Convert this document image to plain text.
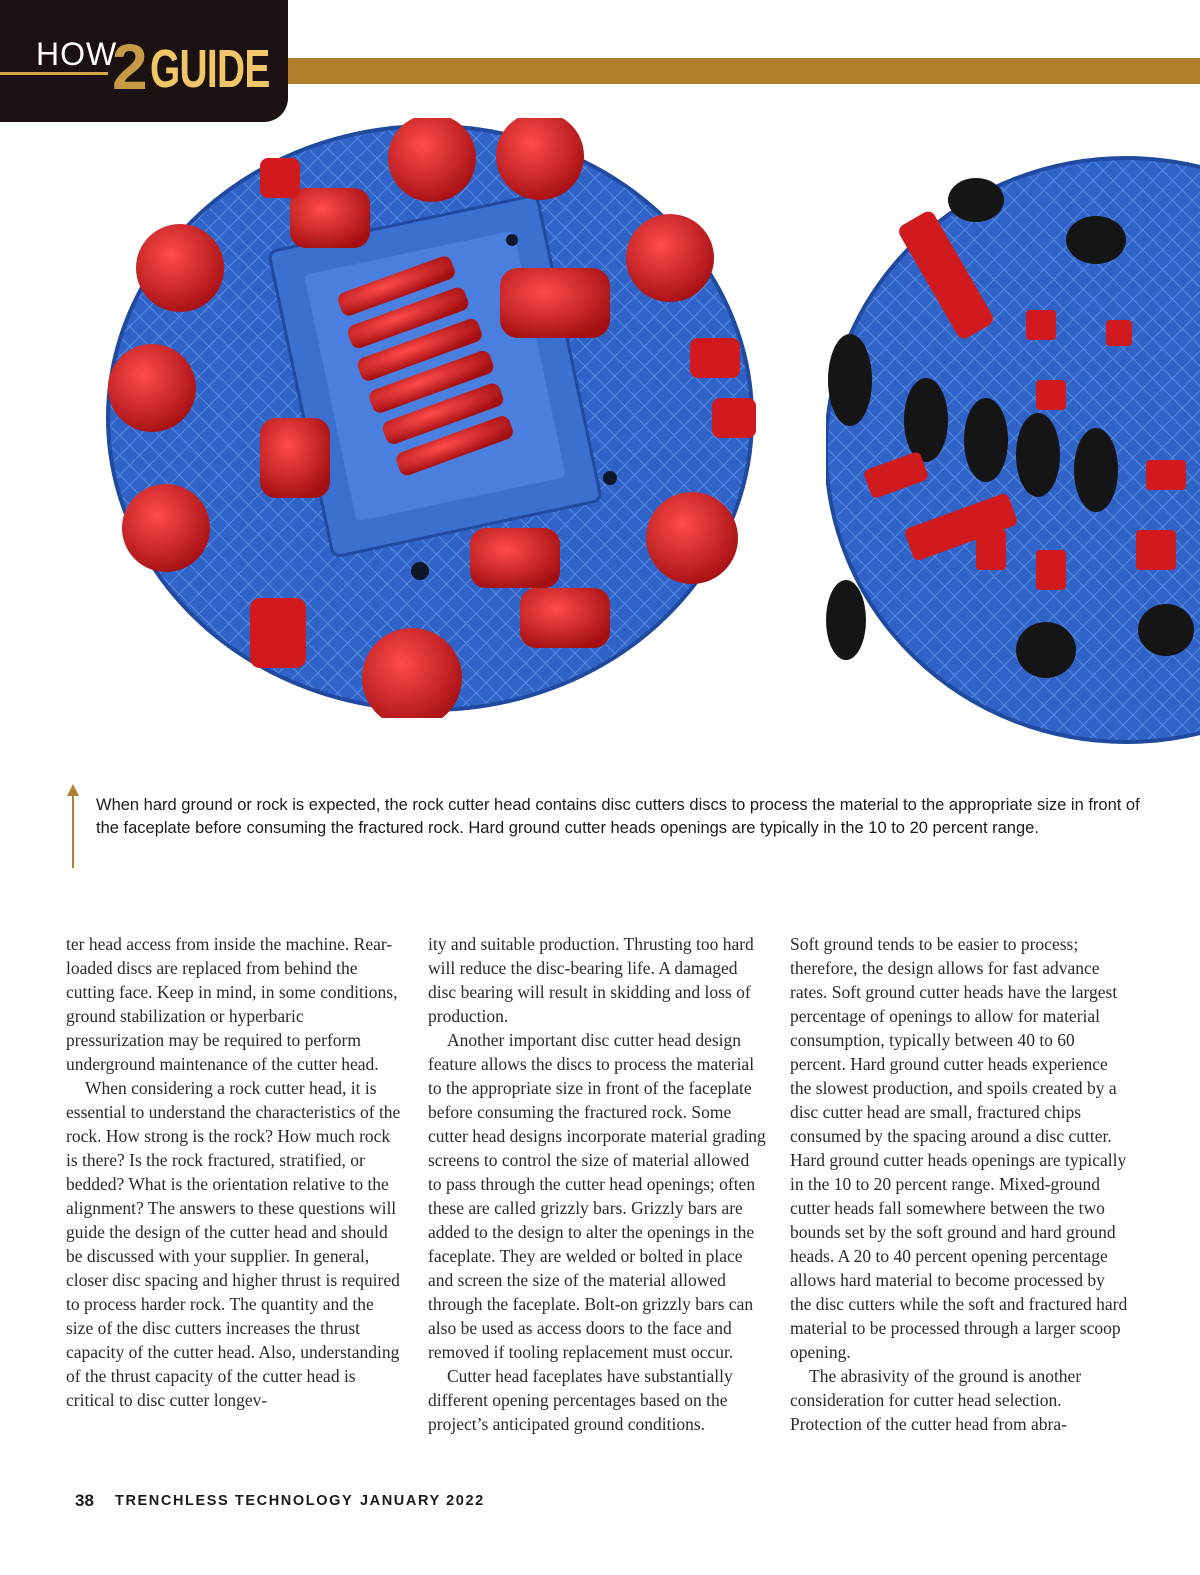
HOW
2 GUIDE

When hard ground or rock is expected, the rock cutter head contains disc cutters discs to process the material to the appropriate size in front of the faceplate before consuming the fractured rock. Hard ground cutter heads openings are typically in the 10 to 20 percent range.

ter head access from inside the machine. Rear-loaded discs are replaced from behind the cutting face. Keep in mind, in some conditions, ground stabilization or hyperbaric pressurization may be required to perform underground maintenance of the cutter head.

When considering a rock cutter head, it is essential to understand the characteristics of the rock. How strong is the rock? How much rock is there? Is the rock fractured, stratified, or bedded? What is the orientation relative to the alignment? The answers to these questions will guide the design of the cutter head and should be discussed with your supplier. In general, closer disc spacing and higher thrust is required to process harder rock. The quantity and the size of the disc cutters increases the thrust capacity of the cutter head. Also, understanding of the thrust capacity of the cutter head is critical to disc cutter longev-

ity and suitable production. Thrusting too hard will reduce the disc-bearing life. A damaged disc bearing will result in skidding and loss of production.

Another important disc cutter head design feature allows the discs to process the material to the appropriate size in front of the faceplate before consuming the fractured rock. Some cutter head designs incorporate material grading screens to control the size of material allowed to pass through the cutter head openings; often these are called grizzly bars. Grizzly bars are added to the design to alter the openings in the faceplate. They are welded or bolted in place and screen the size of the material allowed through the faceplate. Bolt-on grizzly bars can also be used as access doors to the face and removed if tooling replacement must occur.

Cutter head faceplates have substantially different opening percentages based on the project’s anticipated ground conditions.

Soft ground tends to be easier to process; therefore, the design allows for fast advance rates. Soft ground cutter heads have the largest percentage of openings to allow for material consumption, typically between 40 to 60 percent. Hard ground cutter heads experience the slowest production, and spoils created by a disc cutter head are small, fractured chips consumed by the spacing around a disc cutter. Hard ground cutter heads openings are typically in the 10 to 20 percent range. Mixed-ground cutter heads fall somewhere between the two bounds set by the soft ground and hard ground heads. A 20 to 40 percent opening percentage allows hard material to become processed by the disc cutters while the soft and fractured hard material to be processed through a larger scoop opening.

The abrasivity of the ground is another consideration for cutter head selection. Protection of the cutter head from abra-

38 TRENCHLESS TECHNOLOGY JANUARY 2022
